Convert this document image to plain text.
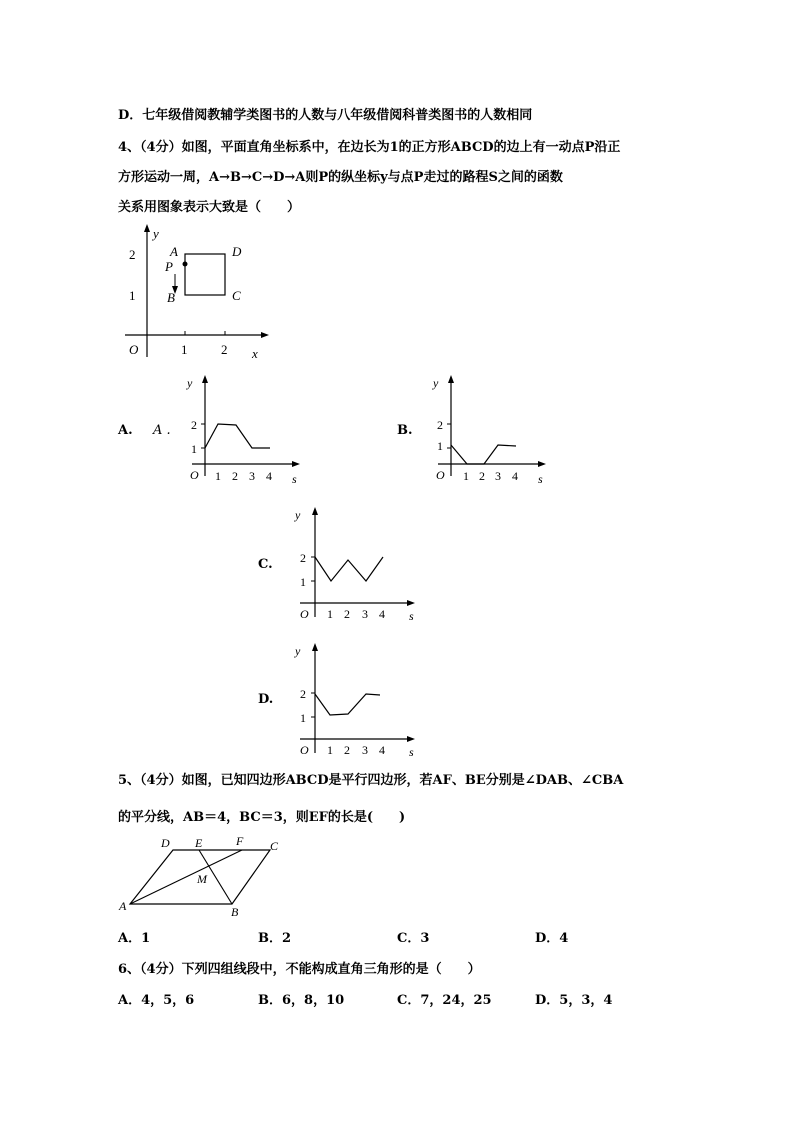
D．七年级借阅教辅学类图书的人数与八年级借阅科普类图书的人数相同
4、（4分）如图，平面直角坐标系中，在边长为1的正方形ABCD的边上有一动点P沿正
方形运动一周，A→B→C→D→A则P的纵坐标y与点P走过的路程S之间的函数
关系用图象表示大致是（　　）
y
2
1
O	1	2 x
A	D
P
B	C
A. A .
y
2
1
O 1 2 3 4 s
B.
y
2
1
O 1 2 3 4 s
C.
y
2
1
O 1 2 3 4 s
D.
y
2
1
O 1 2 3 4 s
5、（4分）如图，已知四边形ABCD是平行四边形，若AF、BE分别是∠DAB、∠CBA
的平分线，AB＝4，BC＝3，则EF的长是(　　)
D E	F C
M
A	B
A．1	B．2	C．3	D．4
6、（4分）下列四组线段中，不能构成直角三角形的是（　　）
A．4，5，6	B．6，8，10	C．7，24，25	D．5，3，4
